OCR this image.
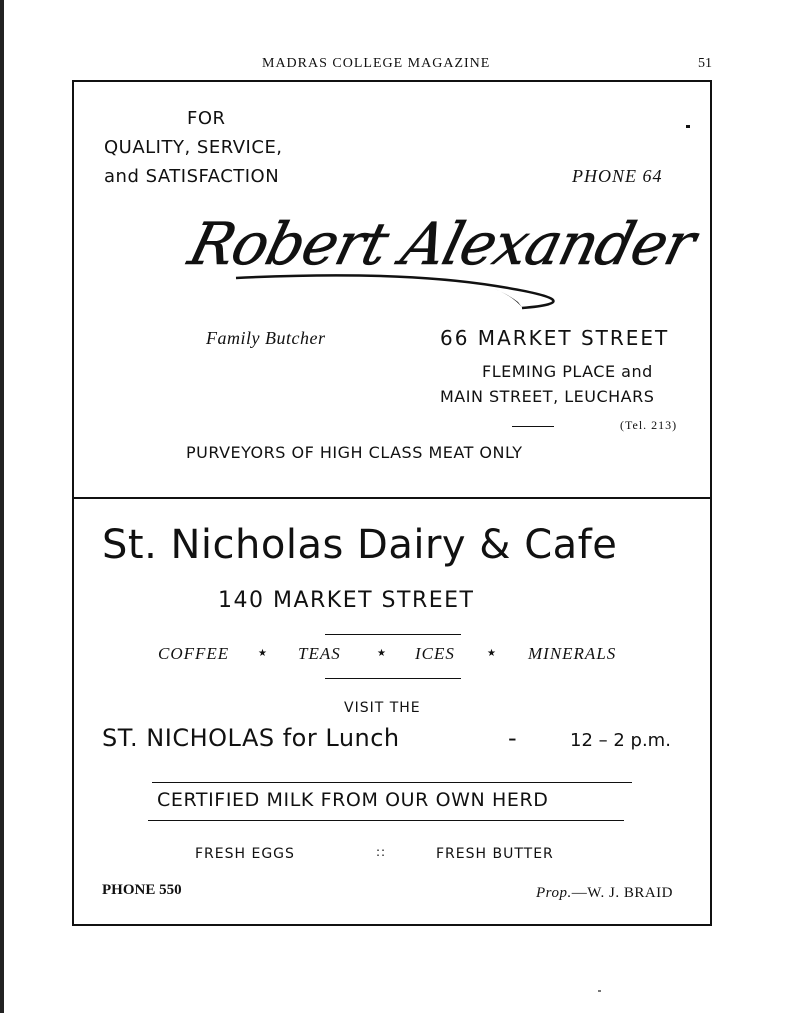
MADRAS COLLEGE MAGAZINE	51
FOR
QUALITY, SERVICE,
and SATISFACTION	PHONE 64
Robert Alexander
Family Butcher	66 MARKET STREET
FLEMING PLACE and
MAIN STREET, LEUCHARS
(Tel. 213)
PURVEYORS OF HIGH CLASS MEAT ONLY
St. Nicholas Dairy & Cafe
140 MARKET STREET
COFFEE	★ TEAS	★ ICES	★ MINERALS
VISIT THE
ST. NICHOLAS for Lunch	-	12 – 2 p.m.
CERTIFIED MILK FROM OUR OWN HERD
FRESH EGGS	::	FRESH BUTTER
PHONE 550	Prop.—W. J. BRAID
